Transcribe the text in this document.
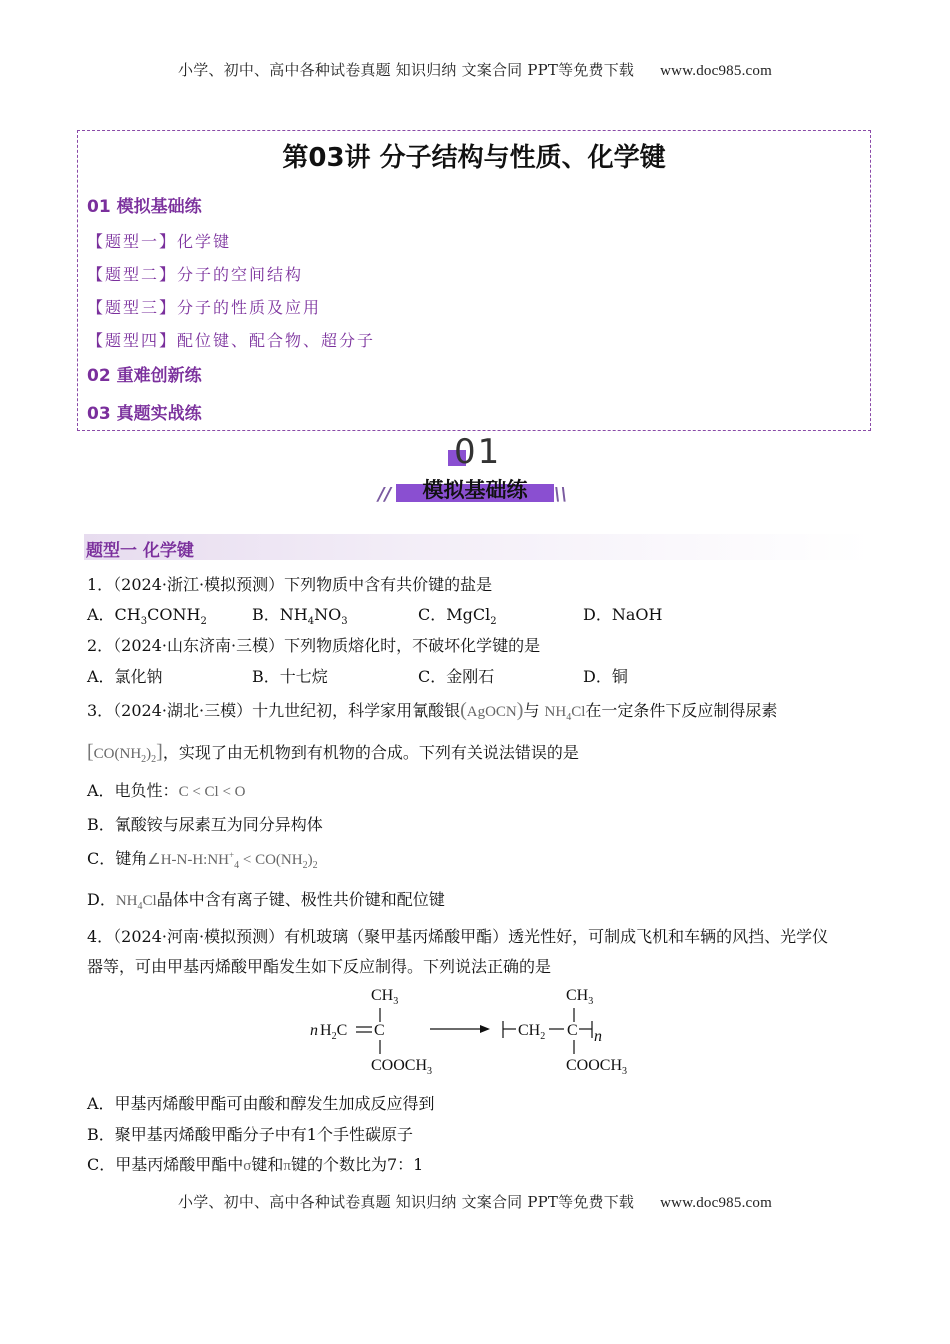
小学、初中、高中各种试卷真题 知识归纳 文案合同 PPT等免费下载 www.doc985.com
第03讲 分子结构与性质、化学键
01 模拟基础练
【题型一】化学键
【题型二】分子的空间结构
【题型三】分子的性质及应用
【题型四】配位键、配合物、超分子
02 重难创新练
03 真题实战练
01
//	模拟基础练	\\
题型一 化学键
1．（2024·浙江·模拟预测）下列物质中含有共价键的盐是
A．$CH_3CONH_2$	B．$NH_4NO_3$	C．MgCl$_2$	D．NaOH
2．（2024·山东济南·三模）下列物质熔化时，不破坏化学键的是
A．氯化钠	B．十七烷	C．金刚石	D．铜
3．（2024·湖北·三模）十九世纪初，科学家用氰酸银(AgOCN)与 $NH_4Cl$在一定条件下反应制得尿素
$[CO(NH_2)_2]$，实现了由无机物到有机物的合成。下列有关说法错误的是
A．电负性：C < Cl < O
B．氰酸铵与尿素互为同分异构体
C．键角$\angle H-N-H:NH^+_4 < CO(NH_2)_2$
D．$NH_4Cl$晶体中含有离子键、极性共价键和配位键
4．（2024·河南·模拟预测）有机玻璃（聚甲基丙烯酸甲酯）透光性好，可制成飞机和车辆的风挡、光学仪
器等，可由甲基丙烯酸甲酯发生如下反应制得。下列说法正确的是
$CH_3$
n $H_2C$ C
$COOCH_3$
$CH_3$
$CH_2$ C n
$COOCH_3$
A．甲基丙烯酸甲酯可由酸和醇发生加成反应得到
B．聚甲基丙烯酸甲酯分子中有1个手性碳原子
C．甲基丙烯酸甲酯中σ键和π键的个数比为7：1
小学、初中、高中各种试卷真题 知识归纳 文案合同 PPT等免费下载 www.doc985.com
